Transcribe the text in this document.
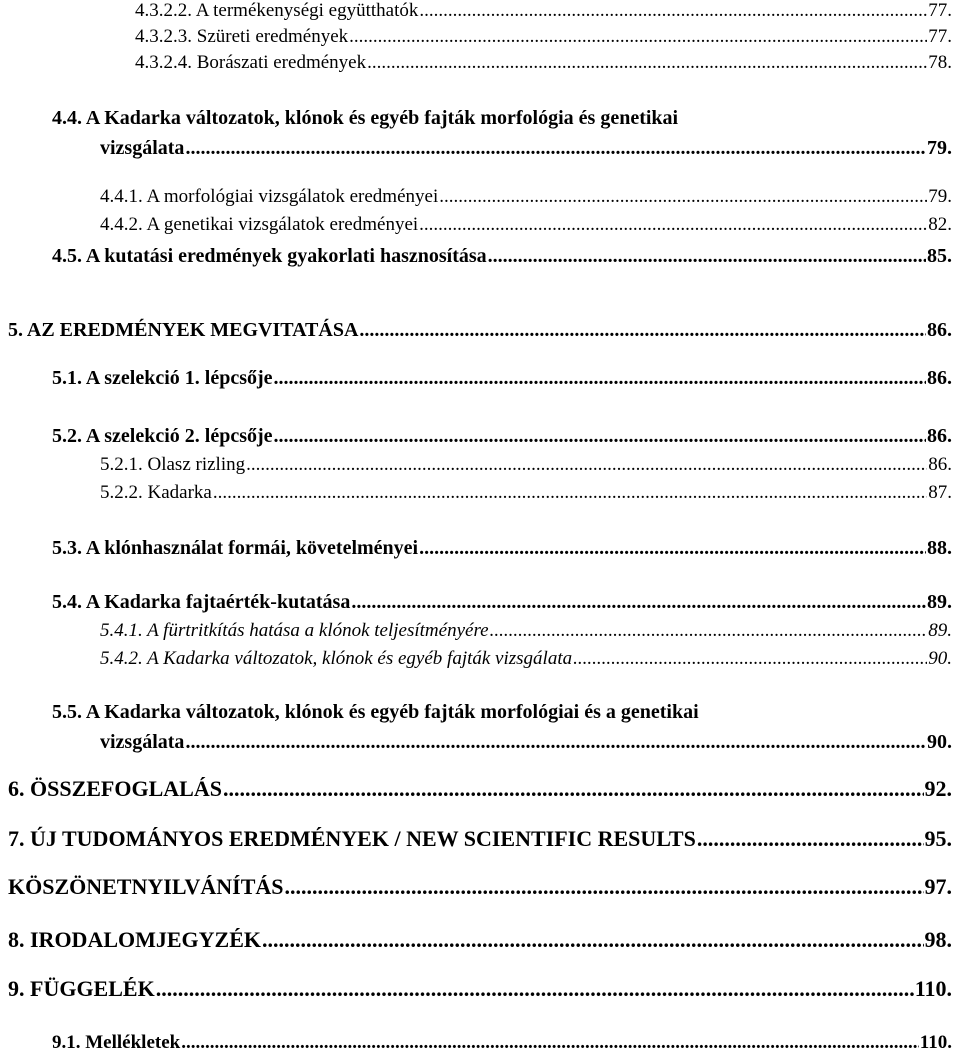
4.3.2.2. A termékenységi együtthatók .....	77.
4.3.2.3. Szüreti eredmények .....	77.
4.3.2.4. Borászati eredmények .....	78.
4.4. A Kadarka változatok, klónok és egyéb fajták morfológia és genetikai
vizsgálata .....	79.
4.4.1. A morfológiai vizsgálatok eredményei .....	79.
4.4.2. A genetikai vizsgálatok eredményei .....	82.
4.5. A kutatási eredmények gyakorlati hasznosítása .....	85.
5. AZ EREDMÉNYEK MEGVITATÁSA .....	86.
5.1. A szelekció 1. lépcsője .....	86.
5.2. A szelekció 2. lépcsője .....	86.
5.2.1. Olasz rizling .....	86.
5.2.2. Kadarka .....	87.
5.3. A klónhasználat formái, követelményei .....	88.
5.4. A Kadarka fajtaérték-kutatása .....	89.
5.4.1. A fürtritkítás hatása a klónok teljesítményére .....	89.
5.4.2. A Kadarka változatok, klónok és egyéb fajták vizsgálata .....	90.
5.5. A Kadarka változatok, klónok és egyéb fajták morfológiai és a genetikai
vizsgálata .....	90.
6. ÖSSZEFOGLALÁS .....	92.
7. ÚJ TUDOMÁNYOS EREDMÉNYEK / NEW SCIENTIFIC RESULTS .....	95.
KÖSZÖNETNYILVÁNÍTÁS .....	97.
8. IRODALOMJEGYZÉK .....	98.
9. FÜGGELÉK .....	110.
9.1. Mellékletek .....	110.
